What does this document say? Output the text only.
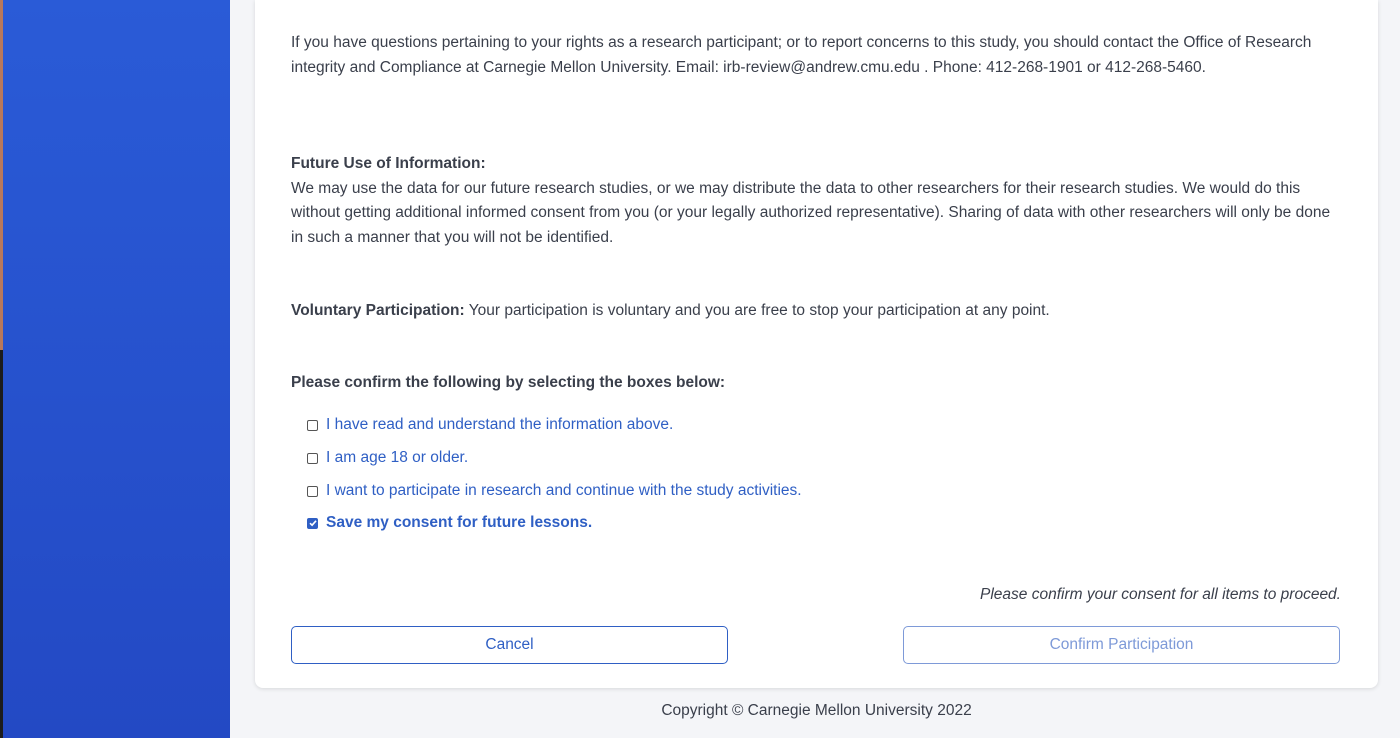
If you have questions pertaining to your rights as a research participant; or to report concerns to this study, you should contact the Office of Research integrity and Compliance at Carnegie Mellon University. Email: irb-review@andrew.cmu.edu . Phone: 412-268-1901 or 412-268-5460.

Future Use of Information:
We may use the data for our future research studies, or we may distribute the data to other researchers for their research studies. We would do this without getting additional informed consent from you (or your legally authorized representative). Sharing of data with other researchers will only be done in such a manner that you will not be identified.

Voluntary Participation: Your participation is voluntary and you are free to stop your participation at any point.

Please confirm the following by selecting the boxes below:
I have read and understand the information above.
I am age 18 or older.
I want to participate in research and continue with the study activities.
Save my consent for future lessons.
Please confirm your consent for all items to proceed.
Cancel	Confirm Participation
Copyright © Carnegie Mellon University 2022
